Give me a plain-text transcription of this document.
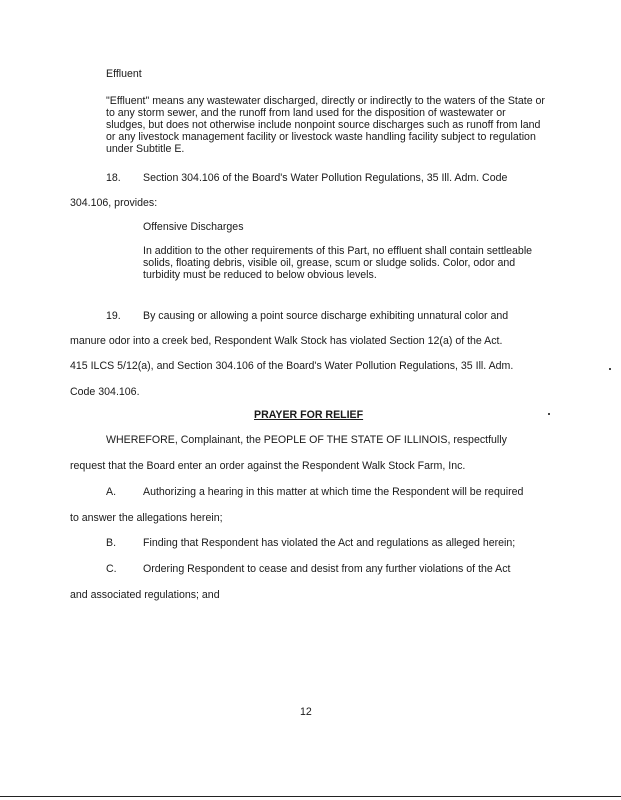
Effluent

"Effluent" means any wastewater discharged, directly or indirectly to the waters of the State or to any storm sewer, and the runoff from land used for the disposition of wastewater or sludges, but does not otherwise include nonpoint source discharges such as runoff from land or any livestock management facility or livestock waste handling facility subject to regulation under Subtitle E.

18. Section 304.106 of the Board's Water Pollution Regulations, 35 Ill. Adm. Code

304.106, provides:

Offensive Discharges

In addition to the other requirements of this Part, no effluent shall contain settleable solids, floating debris, visible oil, grease, scum or sludge solids. Color, odor and turbidity must be reduced to below obvious levels.

19. By causing or allowing a point source discharge exhibiting unnatural color and

manure odor into a creek bed, Respondent Walk Stock has violated Section 12(a) of the Act.

415 ILCS 5/12(a), and Section 304.106 of the Board's Water Pollution Regulations, 35 Ill. Adm.

Code 304.106.

PRAYER FOR RELIEF

WHEREFORE, Complainant, the PEOPLE OF THE STATE OF ILLINOIS, respectfully

request that the Board enter an order against the Respondent Walk Stock Farm, Inc.

A.	Authorizing a hearing in this matter at which time the Respondent will be required

to answer the allegations herein;

B.	Finding that Respondent has violated the Act and regulations as alleged herein;

C. Ordering Respondent to cease and desist from any further violations of the Act

and associated regulations; and

12
